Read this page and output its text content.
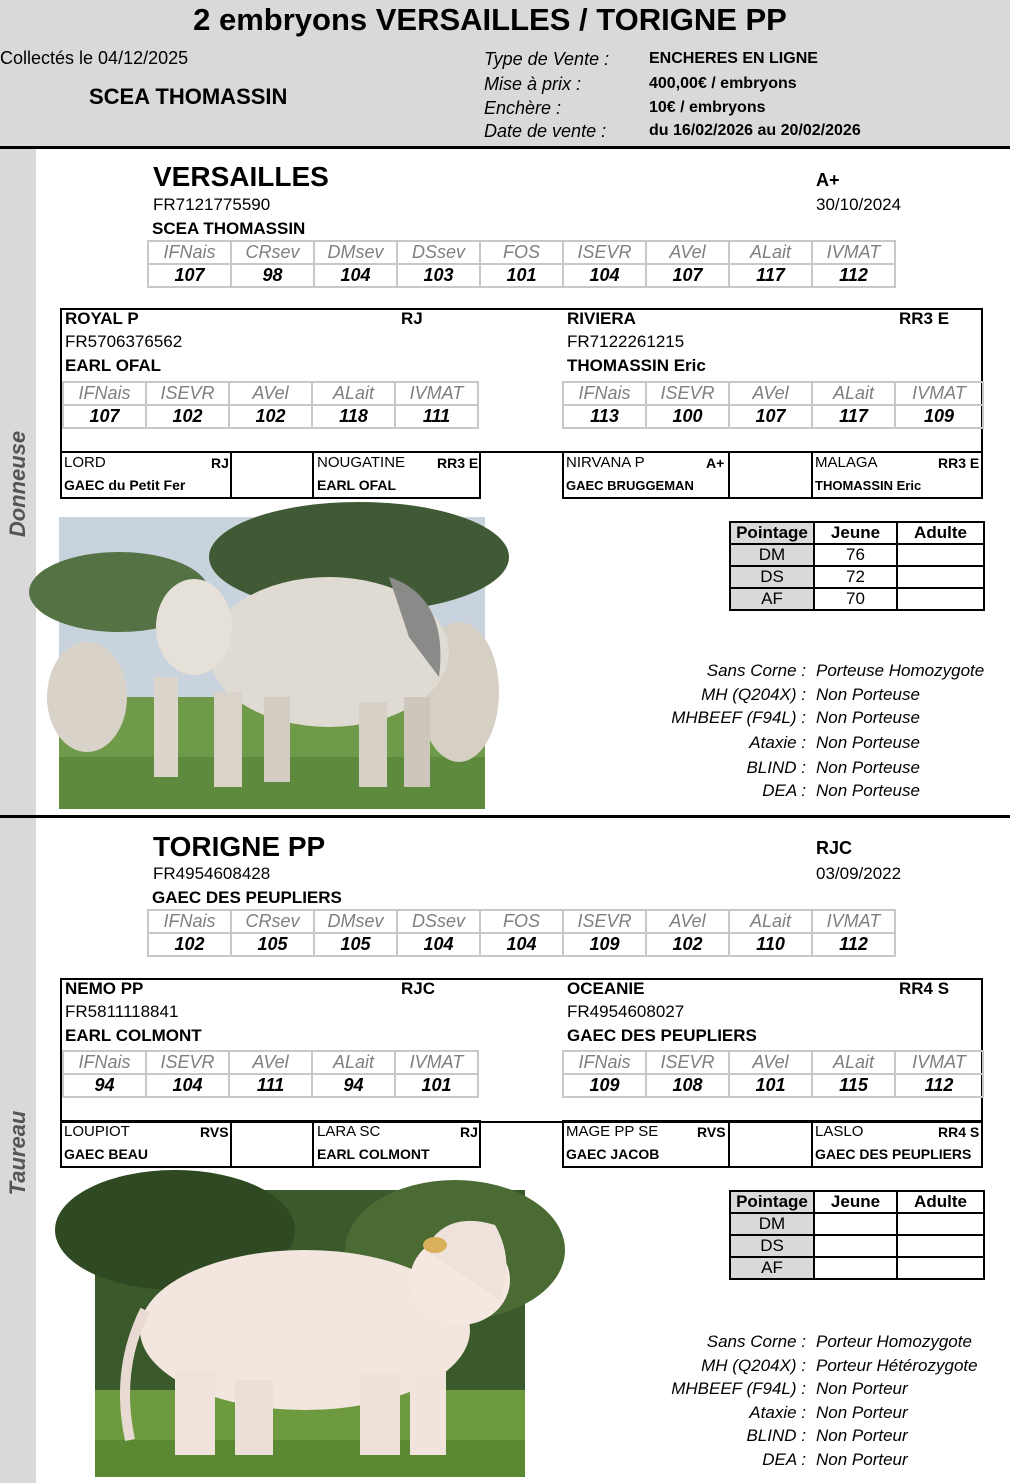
2 embryons VERSAILLES / TORIGNE PP
Collectés le 04/12/2025
SCEA THOMASSIN
Type de Vente : ENCHERES EN LIGNE
Mise à prix :	400,00€ / embryons
Enchère :	10€ / embryons
Date de vente :	du 16/02/2026 au 20/02/2026
Donneuse
Taureau
VERSAILLES
FR7121775590
SCEA THOMASSIN
A+
30/10/2024
IFNais	CRsev	DMsev	DSsev	FOS	ISEVR	AVel	ALait	IVMAT
107	98	104	103	101	104	107	117	112
ROYAL P	RJ
FR5706376562
EARL OFAL
RIVIERA	RR3 E
FR7122261215
THOMASSIN Eric
IFNais	ISEVR	AVel	ALait	IVMAT
107	102	102	118	111
IFNais	ISEVR	AVel	ALait	IVMAT
113	100	107	117	109
LORD	RJ
GAEC du Petit Fer
NOUGATINE RR3 E
EARL OFAL
NIRVANA P	A+
GAEC BRUGGEMAN
MALAGA	RR3 E
THOMASSIN Eric
Pointage	Jeune	Adulte
DM	76	
DS	72	
AF	70	
Sans Corne : Porteuse Homozygote
MH (Q204X) : Non Porteuse
MHBEEF (F94L) : Non Porteuse
Ataxie : Non Porteuse
BLIND : Non Porteuse
DEA : Non Porteuse
TORIGNE PP
FR4954608428
GAEC DES PEUPLIERS
RJC
03/09/2022
IFNais	CRsev	DMsev	DSsev	FOS	ISEVR	AVel	ALait	IVMAT
102	105	105	104	104	109	102	110	112
NEMO PP	RJC
FR5811118841
EARL COLMONT
OCEANIE	RR4 S
FR4954608027
GAEC DES PEUPLIERS
IFNais	ISEVR	AVel	ALait	IVMAT
94	104	111	94	101
IFNais	ISEVR	AVel	ALait	IVMAT
109	108	101	115	112
LOUPIOT	RVS
GAEC BEAU
LARA SC	RJ
EARL COLMONT
MAGE PP SE	RVS
GAEC JACOB
LASLO	RR4 S
GAEC DES PEUPLIERS
Pointage	Jeune	Adulte
DM		
DS		
AF		
Sans Corne : Porteur Homozygote
MH (Q204X) : Porteur Hétérozygote
MHBEEF (F94L) : Non Porteur
Ataxie : Non Porteur
BLIND : Non Porteur
DEA : Non Porteur
